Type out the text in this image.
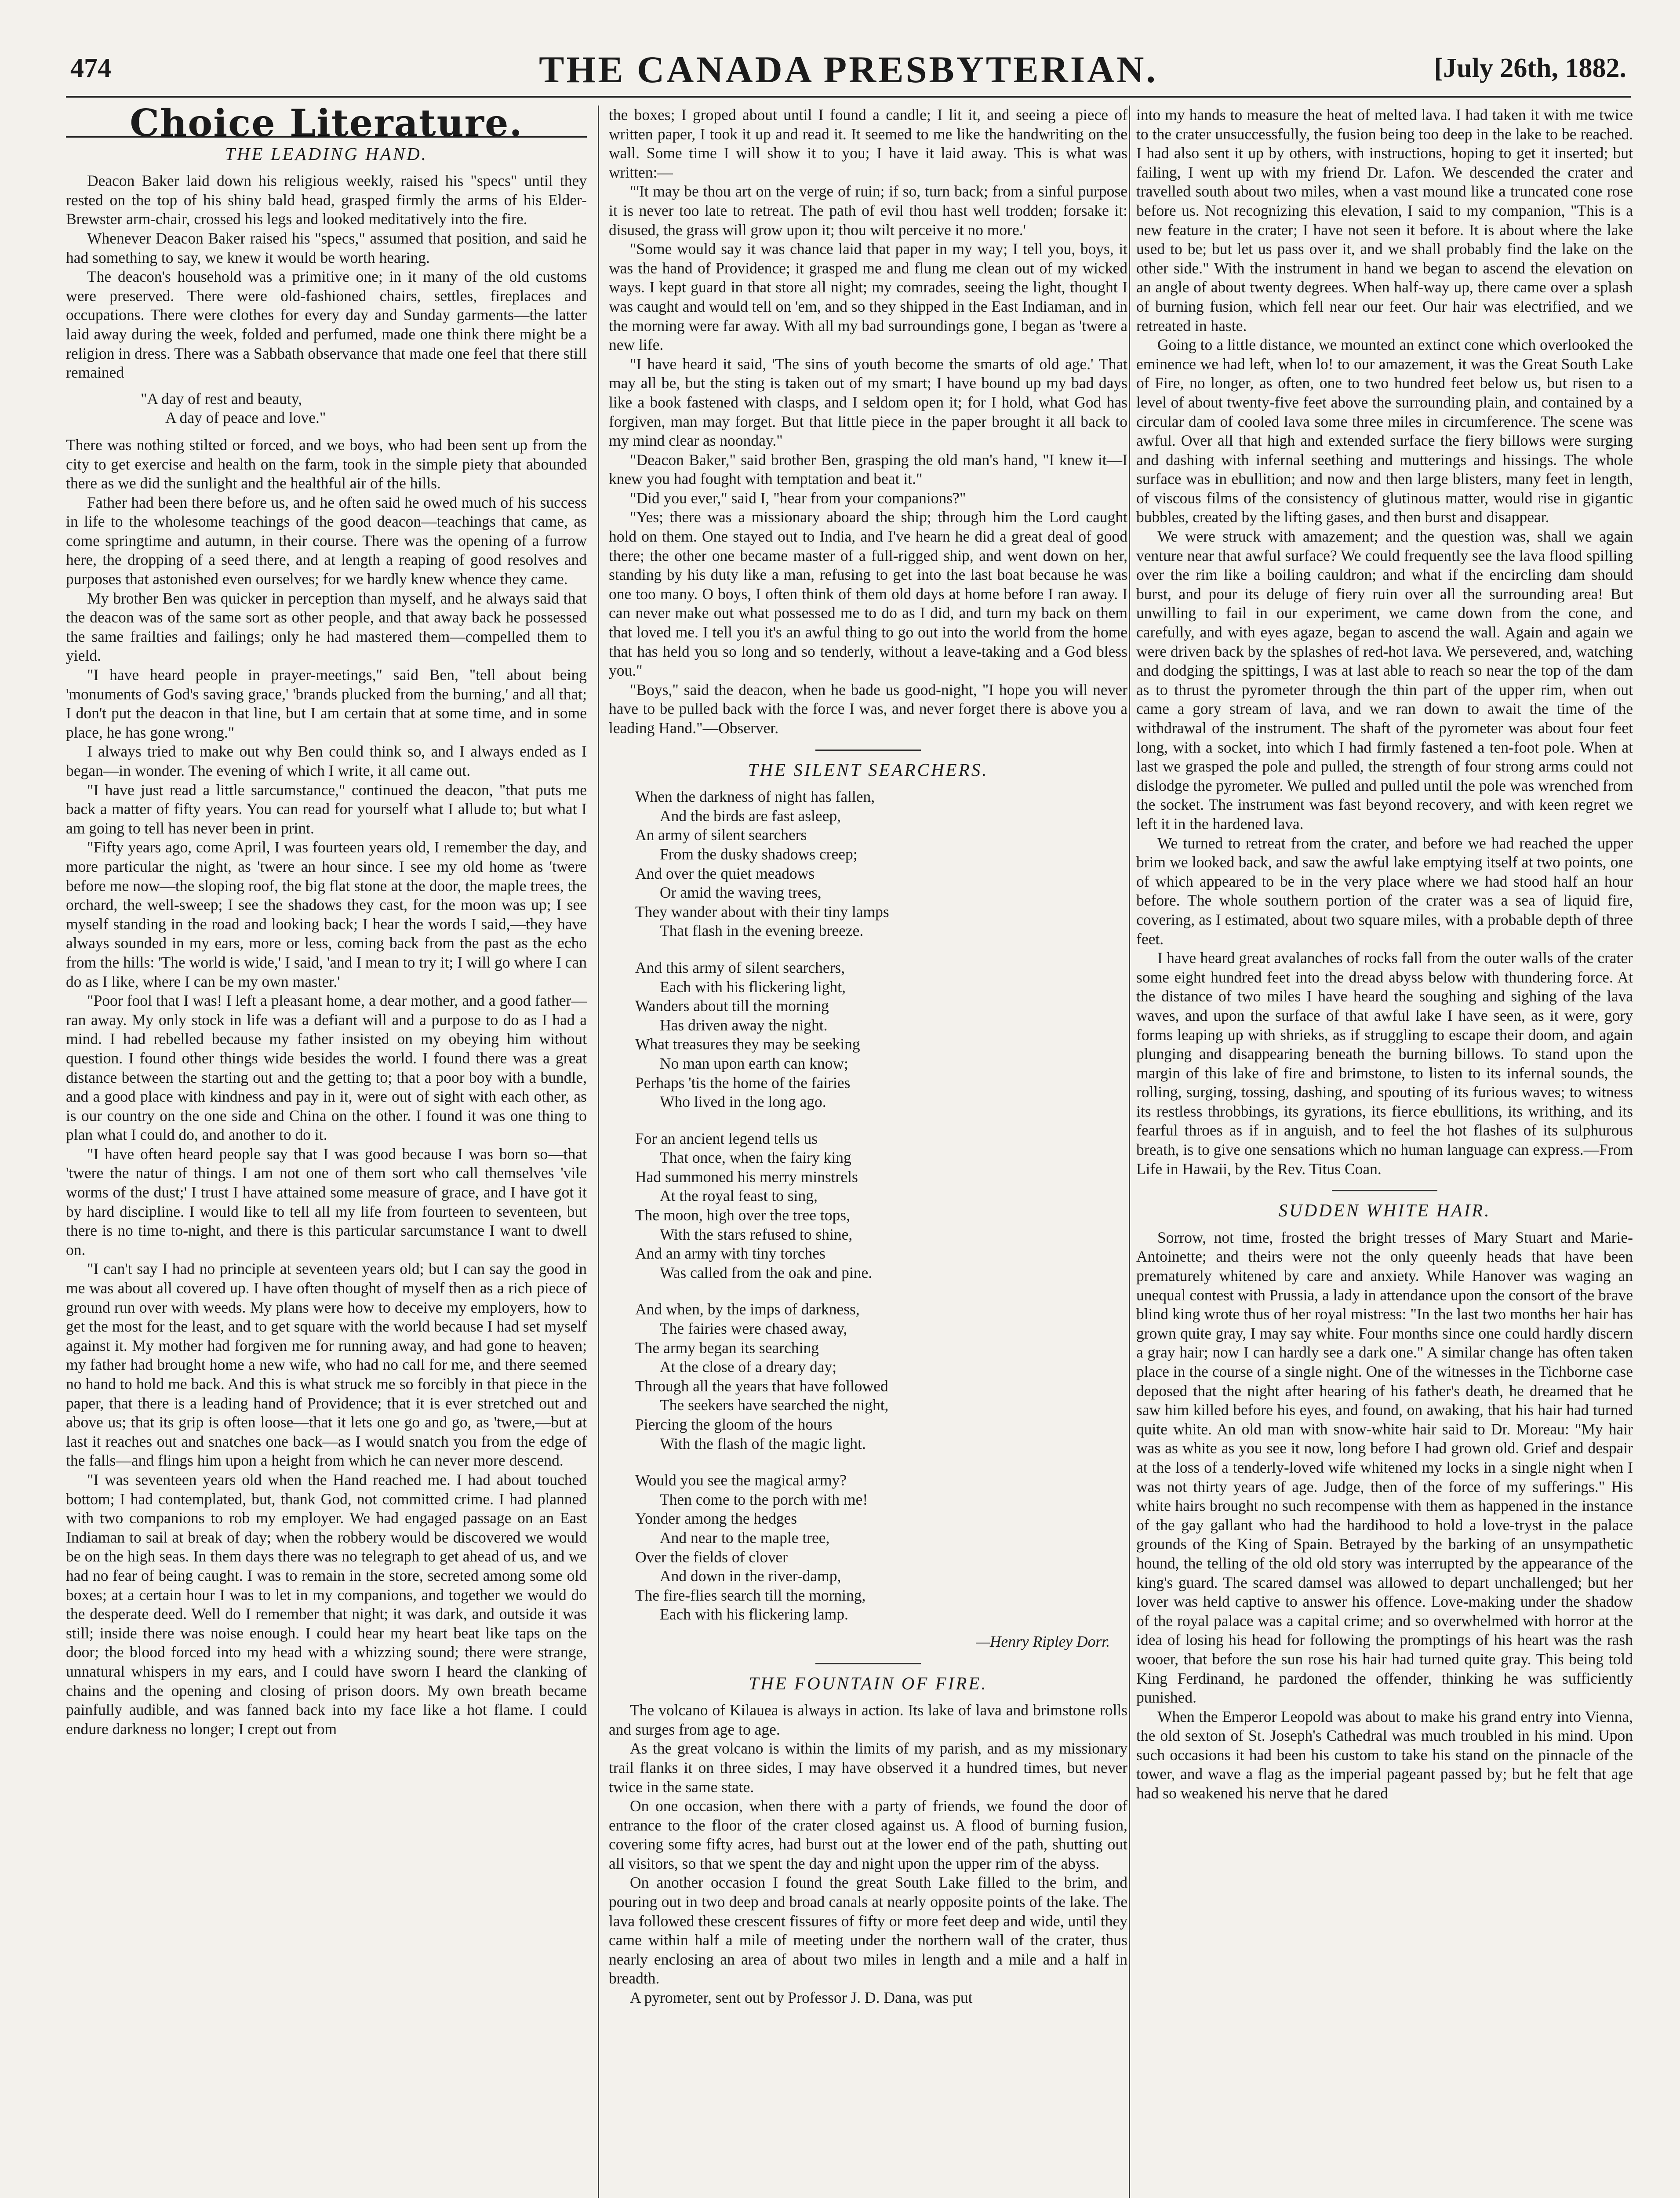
474	THE CANADA PRESBYTERIAN.	[July 26th, 1882.
Choice Literature.
THE LEADING HAND.

Deacon Baker laid down his religious weekly, raised his "specs" until they rested on the top of his shiny bald head, grasped firmly the arms of his Elder-Brewster arm-chair, crossed his legs and looked meditatively into the fire.

Whenever Deacon Baker raised his "specs," assumed that position, and said he had something to say, we knew it would be worth hearing.

The deacon's household was a primitive one; in it many of the old customs were preserved. There were old-fashioned chairs, settles, fireplaces and occupations. There were clothes for every day and Sunday garments—the latter laid away during the week, folded and perfumed, made one think there might be a religion in dress. There was a Sabbath observance that made one feel that there still remained

"A day of rest and beauty,
A day of peace and love."

There was nothing stilted or forced, and we boys, who had been sent up from the city to get exercise and health on the farm, took in the simple piety that abounded there as we did the sunlight and the healthful air of the hills.

Father had been there before us, and he often said he owed much of his success in life to the wholesome teachings of the good deacon—teachings that came, as come springtime and autumn, in their course. There was the opening of a furrow here, the dropping of a seed there, and at length a reaping of good resolves and purposes that astonished even ourselves; for we hardly knew whence they came.

My brother Ben was quicker in perception than myself, and he always said that the deacon was of the same sort as other people, and that away back he possessed the same frailties and failings; only he had mastered them—compelled them to yield.

"I have heard people in prayer-meetings," said Ben, "tell about being 'monuments of God's saving grace,' 'brands plucked from the burning,' and all that; I don't put the deacon in that line, but I am certain that at some time, and in some place, he has gone wrong."

I always tried to make out why Ben could think so, and I always ended as I began—in wonder. The evening of which I write, it all came out.

"I have just read a little sarcumstance," continued the deacon, "that puts me back a matter of fifty years. You can read for yourself what I allude to; but what I am going to tell has never been in print.

"Fifty years ago, come April, I was fourteen years old, I remember the day, and more particular the night, as 'twere an hour since. I see my old home as 'twere before me now—the sloping roof, the big flat stone at the door, the maple trees, the orchard, the well-sweep; I see the shadows they cast, for the moon was up; I see myself standing in the road and looking back; I hear the words I said,—they have always sounded in my ears, more or less, coming back from the past as the echo from the hills: 'The world is wide,' I said, 'and I mean to try it; I will go where I can do as I like, where I can be my own master.'

"Poor fool that I was! I left a pleasant home, a dear mother, and a good father—ran away. My only stock in life was a defiant will and a purpose to do as I had a mind. I had rebelled because my father insisted on my obeying him without question. I found other things wide besides the world. I found there was a great distance between the starting out and the getting to; that a poor boy with a bundle, and a good place with kindness and pay in it, were out of sight with each other, as is our country on the one side and China on the other. I found it was one thing to plan what I could do, and another to do it.

"I have often heard people say that I was good because I was born so—that 'twere the natur of things. I am not one of them sort who call themselves 'vile worms of the dust;' I trust I have attained some measure of grace, and I have got it by hard discipline. I would like to tell all my life from fourteen to seventeen, but there is no time to-night, and there is this particular sarcumstance I want to dwell on.

"I can't say I had no principle at seventeen years old; but I can say the good in me was about all covered up. I have often thought of myself then as a rich piece of ground run over with weeds. My plans were how to deceive my employers, how to get the most for the least, and to get square with the world because I had set myself against it. My mother had forgiven me for running away, and had gone to heaven; my father had brought home a new wife, who had no call for me, and there seemed no hand to hold me back. And this is what struck me so forcibly in that piece in the paper, that there is a leading hand of Providence; that it is ever stretched out and above us; that its grip is often loose—that it lets one go and go, as 'twere,—but at last it reaches out and snatches one back—as I would snatch you from the edge of the falls—and flings him upon a height from which he can never more descend.

"I was seventeen years old when the Hand reached me. I had about touched bottom; I had contemplated, but, thank God, not committed crime. I had planned with two companions to rob my employer. We had engaged passage on an East Indiaman to sail at break of day; when the robbery would be discovered we would be on the high seas. In them days there was no telegraph to get ahead of us, and we had no fear of being caught. I was to remain in the store, secreted among some old boxes; at a certain hour I was to let in my companions, and together we would do the desperate deed. Well do I remember that night; it was dark, and outside it was still; inside there was noise enough. I could hear my heart beat like taps on the door; the blood forced into my head with a whizzing sound; there were strange, unnatural whispers in my ears, and I could have sworn I heard the clanking of chains and the opening and closing of prison doors. My own breath became painfully audible, and was fanned back into my face like a hot flame. I could endure darkness no longer; I crept out from

the boxes; I groped about until I found a candle; I lit it, and seeing a piece of written paper, I took it up and read it. It seemed to me like the handwriting on the wall. Some time I will show it to you; I have it laid away. This is what was written:—

"'It may be thou art on the verge of ruin; if so, turn back; from a sinful purpose it is never too late to retreat. The path of evil thou hast well trodden; forsake it: disused, the grass will grow upon it; thou wilt perceive it no more.'

"Some would say it was chance laid that paper in my way; I tell you, boys, it was the hand of Providence; it grasped me and flung me clean out of my wicked ways. I kept guard in that store all night; my comrades, seeing the light, thought I was caught and would tell on 'em, and so they shipped in the East Indiaman, and in the morning were far away. With all my bad surroundings gone, I began as 'twere a new life.

"I have heard it said, 'The sins of youth become the smarts of old age.' That may all be, but the sting is taken out of my smart; I have bound up my bad days like a book fastened with clasps, and I seldom open it; for I hold, what God has forgiven, man may forget. But that little piece in the paper brought it all back to my mind clear as noonday."

"Deacon Baker," said brother Ben, grasping the old man's hand, "I knew it—I knew you had fought with temptation and beat it."

"Did you ever," said I, "hear from your companions?"

"Yes; there was a missionary aboard the ship; through him the Lord caught hold on them. One stayed out to India, and I've hearn he did a great deal of good there; the other one became master of a full-rigged ship, and went down on her, standing by his duty like a man, refusing to get into the last boat because he was one too many. O boys, I often think of them old days at home before I ran away. I can never make out what possessed me to do as I did, and turn my back on them that loved me. I tell you it's an awful thing to go out into the world from the home that has held you so long and so tenderly, without a leave-taking and a God bless you."

"Boys," said the deacon, when he bade us good-night, "I hope you will never have to be pulled back with the force I was, and never forget there is above you a leading Hand."—Observer.

THE SILENT SEARCHERS.
When the darkness of night has fallen,
And the birds are fast asleep,
An army of silent searchers
From the dusky shadows creep;
And over the quiet meadows
Or amid the waving trees,
They wander about with their tiny lamps
That flash in the evening breeze.
And this army of silent searchers,
Each with his flickering light,
Wanders about till the morning
Has driven away the night.
What treasures they may be seeking
No man upon earth can know;
Perhaps 'tis the home of the fairies
Who lived in the long ago.
For an ancient legend tells us
That once, when the fairy king
Had summoned his merry minstrels
At the royal feast to sing,
The moon, high over the tree tops,
With the stars refused to shine,
And an army with tiny torches
Was called from the oak and pine.
And when, by the imps of darkness,
The fairies were chased away,
The army began its searching
At the close of a dreary day;
Through all the years that have followed
The seekers have searched the night,
Piercing the gloom of the hours
With the flash of the magic light.
Would you see the magical army?
Then come to the porch with me!
Yonder among the hedges
And near to the maple tree,
Over the fields of clover
And down in the river-damp,
The fire-flies search till the morning,
Each with his flickering lamp.
—Henry Ripley Dorr.
THE FOUNTAIN OF FIRE.

The volcano of Kilauea is always in action. Its lake of lava and brimstone rolls and surges from age to age.

As the great volcano is within the limits of my parish, and as my missionary trail flanks it on three sides, I may have observed it a hundred times, but never twice in the same state.

On one occasion, when there with a party of friends, we found the door of entrance to the floor of the crater closed against us. A flood of burning fusion, covering some fifty acres, had burst out at the lower end of the path, shutting out all visitors, so that we spent the day and night upon the upper rim of the abyss.

On another occasion I found the great South Lake filled to the brim, and pouring out in two deep and broad canals at nearly opposite points of the lake. The lava followed these crescent fissures of fifty or more feet deep and wide, until they came within half a mile of meeting under the northern wall of the crater, thus nearly enclosing an area of about two miles in length and a mile and a half in breadth.

A pyrometer, sent out by Professor J. D. Dana, was put

into my hands to measure the heat of melted lava. I had taken it with me twice to the crater unsuccessfully, the fusion being too deep in the lake to be reached. I had also sent it up by others, with instructions, hoping to get it inserted; but failing, I went up with my friend Dr. Lafon. We descended the crater and travelled south about two miles, when a vast mound like a truncated cone rose before us. Not recognizing this elevation, I said to my companion, "This is a new feature in the crater; I have not seen it before. It is about where the lake used to be; but let us pass over it, and we shall probably find the lake on the other side." With the instrument in hand we began to ascend the elevation on an angle of about twenty degrees. When half-way up, there came over a splash of burning fusion, which fell near our feet. Our hair was electrified, and we retreated in haste.

Going to a little distance, we mounted an extinct cone which overlooked the eminence we had left, when lo! to our amazement, it was the Great South Lake of Fire, no longer, as often, one to two hundred feet below us, but risen to a level of about twenty-five feet above the surrounding plain, and contained by a circular dam of cooled lava some three miles in circumference. The scene was awful. Over all that high and extended surface the fiery billows were surging and dashing with infernal seething and mutterings and hissings. The whole surface was in ebullition; and now and then large blisters, many feet in length, of viscous films of the consistency of glutinous matter, would rise in gigantic bubbles, created by the lifting gases, and then burst and disappear.

We were struck with amazement; and the question was, shall we again venture near that awful surface? We could frequently see the lava flood spilling over the rim like a boiling cauldron; and what if the encircling dam should burst, and pour its deluge of fiery ruin over all the surrounding area! But unwilling to fail in our experiment, we came down from the cone, and carefully, and with eyes agaze, began to ascend the wall. Again and again we were driven back by the splashes of red-hot lava. We persevered, and, watching and dodging the spittings, I was at last able to reach so near the top of the dam as to thrust the pyrometer through the thin part of the upper rim, when out came a gory stream of lava, and we ran down to await the time of the withdrawal of the instrument. The shaft of the pyrometer was about four feet long, with a socket, into which I had firmly fastened a ten-foot pole. When at last we grasped the pole and pulled, the strength of four strong arms could not dislodge the pyrometer. We pulled and pulled until the pole was wrenched from the socket. The instrument was fast beyond recovery, and with keen regret we left it in the hardened lava.

We turned to retreat from the crater, and before we had reached the upper brim we looked back, and saw the awful lake emptying itself at two points, one of which appeared to be in the very place where we had stood half an hour before. The whole southern portion of the crater was a sea of liquid fire, covering, as I estimated, about two square miles, with a probable depth of three feet.

I have heard great avalanches of rocks fall from the outer walls of the crater some eight hundred feet into the dread abyss below with thundering force. At the distance of two miles I have heard the soughing and sighing of the lava waves, and upon the surface of that awful lake I have seen, as it were, gory forms leaping up with shrieks, as if struggling to escape their doom, and again plunging and disappearing beneath the burning billows. To stand upon the margin of this lake of fire and brimstone, to listen to its infernal sounds, the rolling, surging, tossing, dashing, and spouting of its furious waves; to witness its restless throbbings, its gyrations, its fierce ebullitions, its writhing, and its fearful throes as if in anguish, and to feel the hot flashes of its sulphurous breath, is to give one sensations which no human language can express.—From Life in Hawaii, by the Rev. Titus Coan.

SUDDEN WHITE HAIR.

Sorrow, not time, frosted the bright tresses of Mary Stuart and Marie-Antoinette; and theirs were not the only queenly heads that have been prematurely whitened by care and anxiety. While Hanover was waging an unequal contest with Prussia, a lady in attendance upon the consort of the brave blind king wrote thus of her royal mistress: "In the last two months her hair has grown quite gray, I may say white. Four months since one could hardly discern a gray hair; now I can hardly see a dark one." A similar change has often taken place in the course of a single night. One of the witnesses in the Tichborne case deposed that the night after hearing of his father's death, he dreamed that he saw him killed before his eyes, and found, on awaking, that his hair had turned quite white. An old man with snow-white hair said to Dr. Moreau: "My hair was as white as you see it now, long before I had grown old. Grief and despair at the loss of a tenderly-loved wife whitened my locks in a single night when I was not thirty years of age. Judge, then of the force of my sufferings." His white hairs brought no such recompense with them as happened in the instance of the gay gallant who had the hardihood to hold a love-tryst in the palace grounds of the King of Spain. Betrayed by the barking of an unsympathetic hound, the telling of the old old story was interrupted by the appearance of the king's guard. The scared damsel was allowed to depart unchallenged; but her lover was held captive to answer his offence. Love-making under the shadow of the royal palace was a capital crime; and so overwhelmed with horror at the idea of losing his head for following the promptings of his heart was the rash wooer, that before the sun rose his hair had turned quite gray. This being told King Ferdinand, he pardoned the offender, thinking he was sufficiently punished.

When the Emperor Leopold was about to make his grand entry into Vienna, the old sexton of St. Joseph's Cathedral was much troubled in his mind. Upon such occasions it had been his custom to take his stand on the pinnacle of the tower, and wave a flag as the imperial pageant passed by; but he felt that age had so weakened his nerve that he dared
